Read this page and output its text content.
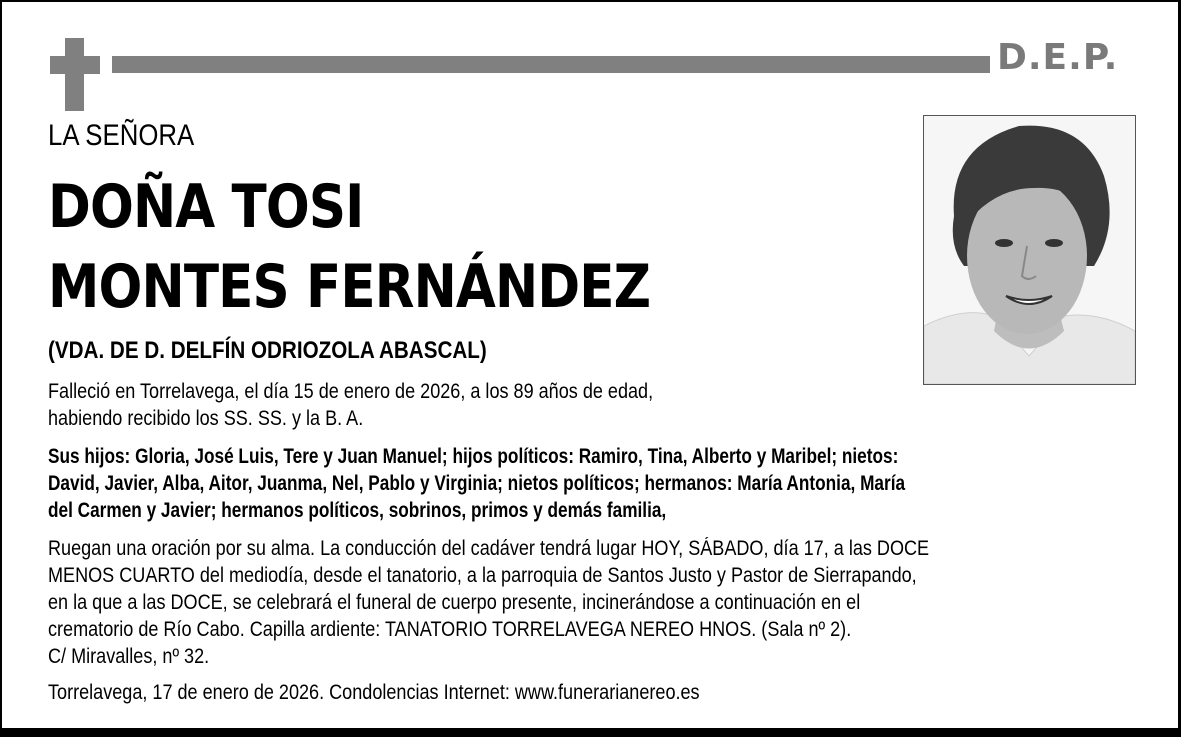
D.E.P.
LA SEÑORA
DOÑA TOSI
MONTES FERNÁNDEZ
(VDA. DE D. DELFÍN ODRIOZOLA ABASCAL)
Falleció en Torrelavega, el día 15 de enero de 2026, a los 89 años de edad,
habiendo recibido los SS. SS. y la B. A.
Sus hijos: Gloria, José Luis, Tere y Juan Manuel; hijos políticos: Ramiro, Tina, Alberto y Maribel; nietos:
David, Javier, Alba, Aitor, Juanma, Nel, Pablo y Virginia; nietos políticos; hermanos: María Antonia, María
del Carmen y Javier; hermanos políticos, sobrinos, primos y demás familia,
Ruegan una oración por su alma. La conducción del cadáver tendrá lugar HOY, SÁBADO, día 17, a las DOCE
MENOS CUARTO del mediodía, desde el tanatorio, a la parroquia de Santos Justo y Pastor de Sierrapando,
en la que a las DOCE, se celebrará el funeral de cuerpo presente, incinerándose a continuación en el
crematorio de Río Cabo. Capilla ardiente: TANATORIO TORRELAVEGA NEREO HNOS. (Sala nº 2).
C/ Miravalles, nº 32.
Torrelavega, 17 de enero de 2026. Condolencias Internet: www.funerarianereo.es
